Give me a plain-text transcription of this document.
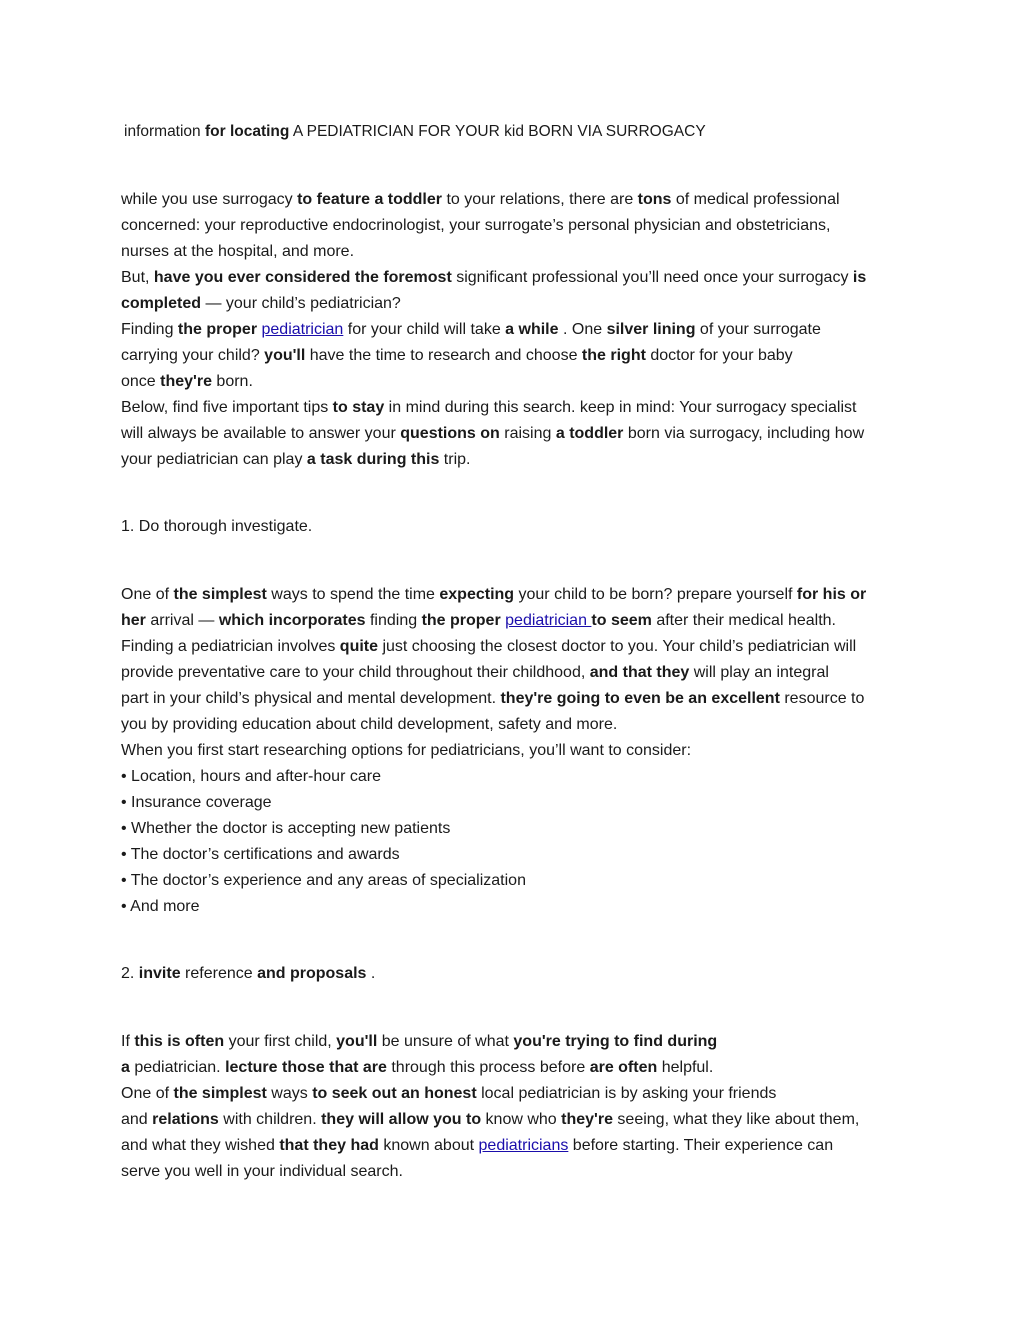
information for locating A PEDIATRICIAN FOR YOUR kid BORN VIA SURROGACY
while you use surrogacy to feature a toddler to your relations, there are tons of medical professional
concerned: your reproductive endocrinologist, your surrogate’s personal physician and obstetricians,
nurses at the hospital, and more.
But, have you ever considered the foremost significant professional you’ll need once your surrogacy is
completed — your child’s pediatrician?
Finding the proper pediatrician for your child will take a while . One silver lining of your surrogate
carrying your child? you'll have the time to research and choose the right doctor for your baby
once they're born.
Below, find five important tips to stay in mind during this search. keep in mind: Your surrogacy specialist
will always be available to answer your questions on raising a toddler born via surrogacy, including how
your pediatrician can play a task during this trip.
1. Do thorough investigate.
One of the simplest ways to spend the time expecting your child to be born? prepare yourself for his or
her arrival — which incorporates finding the proper pediatrician to seem after their medical health.
Finding a pediatrician involves quite just choosing the closest doctor to you. Your child’s pediatrician will
provide preventative care to your child throughout their childhood, and that they will play an integral
part in your child’s physical and mental development. they're going to even be an excellent resource to
you by providing education about child development, safety and more.
When you first start researching options for pediatricians, you’ll want to consider:
• Location, hours and after-hour care
• Insurance coverage
• Whether the doctor is accepting new patients
• The doctor’s certifications and awards
• The doctor’s experience and any areas of specialization
• And more
2. invite reference and proposals .
If this is often your first child, you'll be unsure of what you're trying to find during
a pediatrician. lecture those that are through this process before are often helpful.
One of the simplest ways to seek out an honest local pediatrician is by asking your friends
and relations with children. they will allow you to know who they're seeing, what they like about them,
and what they wished that they had known about pediatricians before starting. Their experience can
serve you well in your individual search.
